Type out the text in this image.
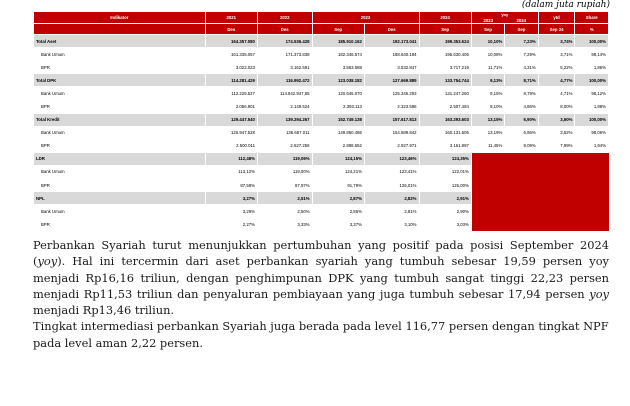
(dalam juta rupiah)
Indikator	2021	2022	2023		2024	yoy
2023 2024		ytd	Share
	Des	Des	Sep	Des	Sep	Sep	Sep	Sep 24	%
Total Aset	164.357.080	174.536.428	185.910.162	192.173.041	199.353.624	10,10%	7,23%	3,74%	100,00%
Bank Umum	161.335.057	171.373.838	182.346.574	188.640.194	195.630.405	10,08%	7,29%	3,71%	98,14%
BPR	3.022.023	3.162.591	3.563.588	3.532.847	3.717.219	11,71%	4,31%	5,22%	1,86%
Total DPK	114.281.429	116.992.472	123.038.182	127.669.889	133.754.744	9,13%	8,71%	4,77%	100,00%
Bank Umum	112.225.527	114.842.947,65	120.645.070	125.346.293	131.247.260	9,15%	8,79%	4,71%	98,12%
BPR	2.056.901	2.149.524	2.393.113	2.323.596	2.507.484	8,10%	4,86%	8,00%	1,88%
Total Kredit	129.447.540	139.294.267	152.749.138	157.617.813	163.293.603	13,15%	6,90%	3,60%	100,00%
Bank Umum	126.947.528	136.667.011	149.850.486	154.689.842	160.131.605	13,19%	6,86%	3,52%	98,06%
BPR	2.500.011	2.627.256	2.898.652	2.927.971	3.161.997	11,45%	9,09%	7,99%	1,94%
LDR	112,48%	119,06%	124,15%	123,46%	124,35%				
Bank Umum	113,12%	119,00%	124,21%	123,41%	122,01%				
BPR	87,58%	87,97%	91,79%	126,01%	126,00%				
NPL	3,27%	2,51%	2,87%	2,82%	2,91%				
Bank Umum	3,29%	2,50%	2,86%	2,81%	2,90%				
BPR	2,27%	3,33%	3,37%	3,10%	3,03%				

Perbankan Syariah turut menunjukkan pertumbuhan yang positif pada posisi September 2024 (yoy). Hal ini tercermin dari aset perbankan syariah yang tumbuh sebesar 19,59 persen yoy menjadi Rp16,16 triliun, dengan penghimpunan DPK yang tumbuh sangat tinggi 22,23 persen menjadi Rp11,53 triliun dan penyaluran pembiayaan yang juga tumbuh sebesar 17,94 persen yoy menjadi Rp13,46 triliun.

Tingkat intermediasi perbankan Syariah juga berada pada level 116,77 persen dengan tingkat NPF pada level aman 2,22 persen.
